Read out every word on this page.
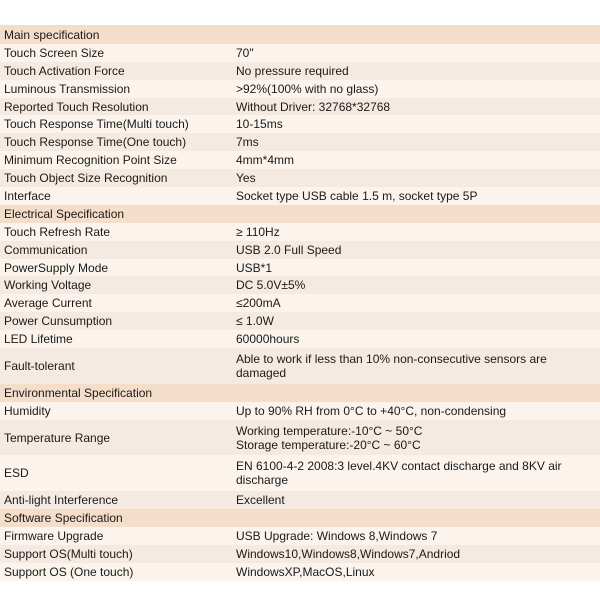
Main specification	
Touch Screen Size	70"
Touch Activation Force	No pressure required
Luminous Transmission	>92%(100% with no glass)
Reported Touch Resolution	Without Driver: 32768*32768
Touch Response Time(Multi touch)	10-15ms
Touch Response Time(One touch)	7ms
Minimum Recognition Point Size	4mm*4mm
Touch Object Size Recognition	Yes
Interface	Socket type USB cable 1.5 m, socket type 5P
Electrical Specification	
Touch Refresh Rate	≥ 110Hz
Communication	USB 2.0 Full Speed
PowerSupply Mode	USB*1
Working Voltage	DC 5.0V±5%
Average Current	≤200mA
Power Cunsumption	≤ 1.0W
LED Lifetime	60000hours
Fault-tolerant	Able to work if less than 10% non-consecutive sensors are damaged

Environmental Specification	
Humidity	Up to 90% RH from 0°C to +40°C, non-condensing
Temperature Range	Working temperature:-10°C ~ 50°C
Storage temperature:-20°C ~ 60°C

ESD	EN 6100-4-2 2008:3 level.4KV contact discharge and 8KV air discharge

Anti-light Interference	Excellent
Software Specification	
Firmware Upgrade	USB Upgrade: Windows 8,Windows 7
Support OS(Multi touch)	Windows10,Windows8,Windows7,Andriod
Support OS (One touch)	WindowsXP,MacOS,Linux
